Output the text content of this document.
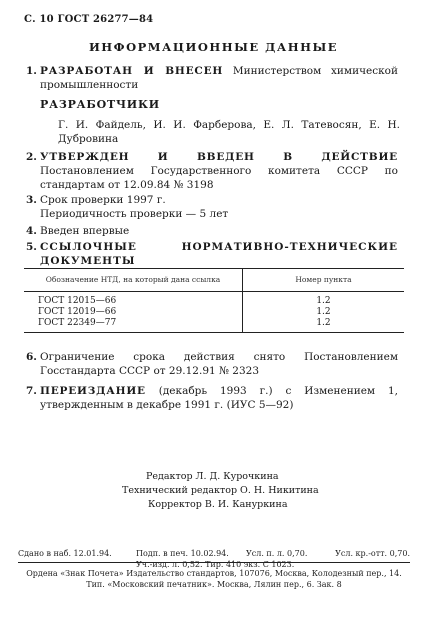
С. 10 ГОСТ 26277—84
ИНФОРМАЦИОННЫЕ ДАННЫЕ
1. РАЗРАБОТАН И ВНЕСЕН Министерством химической промышленности
РАЗРАБОТЧИКИ
Г. И. Файдель, И. И. Фарберова, Е. Л. Татевосян, Е. Н. Дубровина
2. УТВЕРЖДЕН И ВВЕДЕН В ДЕЙСТВИЕ Постановлением Государственного комитета СССР по стандартам от 12.09.84 № 3198
3. Срок проверки 1997 г.
Периодичность проверки — 5 лет
4. Введен впервые
5. ССЫЛОЧНЫЕ НОРМАТИВНО-ТЕХНИЧЕСКИЕ ДОКУМЕНТЫ
Обозначение НТД, на который дана ссылка	Номер пункта
ГОСТ 12015—66	1.2
ГОСТ 12019—66	1.2
ГОСТ 22349—77	1.2
6. Ограничение срока действия снято Постановлением Госстандарта СССР от 29.12.91 № 2323
7. ПЕРЕИЗДАНИЕ (декабрь 1993 г.) с Изменением 1, утвержденным в декабре 1991 г. (ИУС 5—92)
Редактор Л. Д. Курочкина
Технический редактор О. Н. Никитина
Корректор В. И. Кануркина
Сдано в наб. 12.01.94.	Подп. в печ. 10.02.94. Усл. п. л. 0,70.	Усл. кр.-отт. 0,70.
Уч.-изд. л. 0,52. Тир. 410 экз. С 1023.
Ордена «Знак Почета» Издательство стандартов, 107076, Москва, Колодезный пер., 14.
Тип. «Московский печатник». Москва, Лялин пер., 6. Зак. 8
